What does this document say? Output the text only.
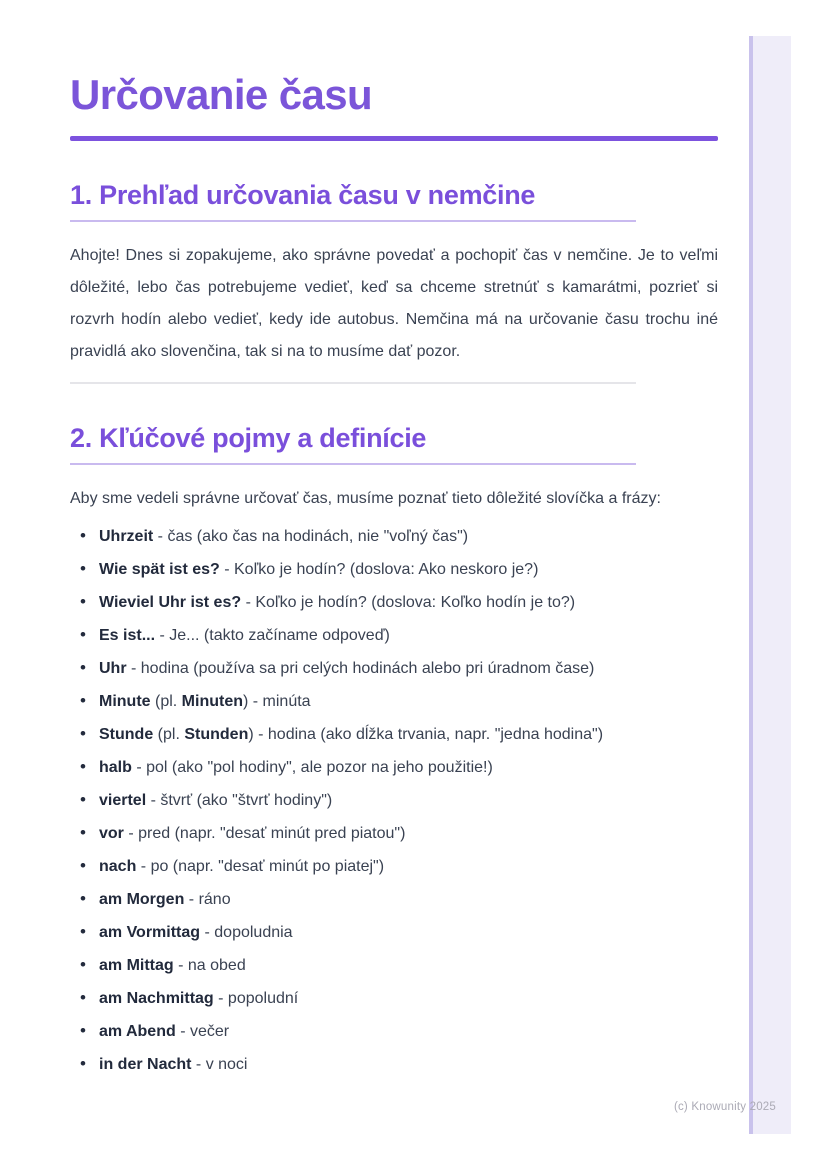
(c) Knowunity 2025
Určovanie času
1. Prehľad určovania času v nemčine

Ahojte! Dnes si zopakujeme, ako správne povedať a pochopiť čas v nemčine. Je to veľmi dôležité, lebo čas potrebujeme vedieť, keď sa chceme stretnúť s kamarátmi, pozrieť si rozvrh hodín alebo vedieť, kedy ide autobus. Nemčina má na určovanie času trochu iné pravidlá ako slovenčina, tak si na to musíme dať pozor.

2. Kľúčové pojmy a definície

Aby sme vedeli správne určovať čas, musíme poznať tieto dôležité slovíčka a frázy:

• Uhrzeit - čas (ako čas na hodinách, nie "voľný čas")
• Wie spät ist es? - Koľko je hodín? (doslova: Ako neskoro je?)
• Wieviel Uhr ist es? - Koľko je hodín? (doslova: Koľko hodín je to?)
• Es ist... - Je... (takto začíname odpoveď)
• Uhr - hodina (používa sa pri celých hodinách alebo pri úradnom čase)
• Minute (pl. Minuten) - minúta
• Stunde (pl. Stunden) - hodina (ako dĺžka trvania, napr. "jedna hodina")
• halb - pol (ako "pol hodiny", ale pozor na jeho použitie!)
• viertel - štvrť (ako "štvrť hodiny")
• vor - pred (napr. "desať minút pred piatou")
• nach - po (napr. "desať minút po piatej")
• am Morgen - ráno
• am Vormittag - dopoludnia
• am Mittag - na obed
• am Nachmittag - popoludní
• am Abend - večer
• in der Nacht - v noci
